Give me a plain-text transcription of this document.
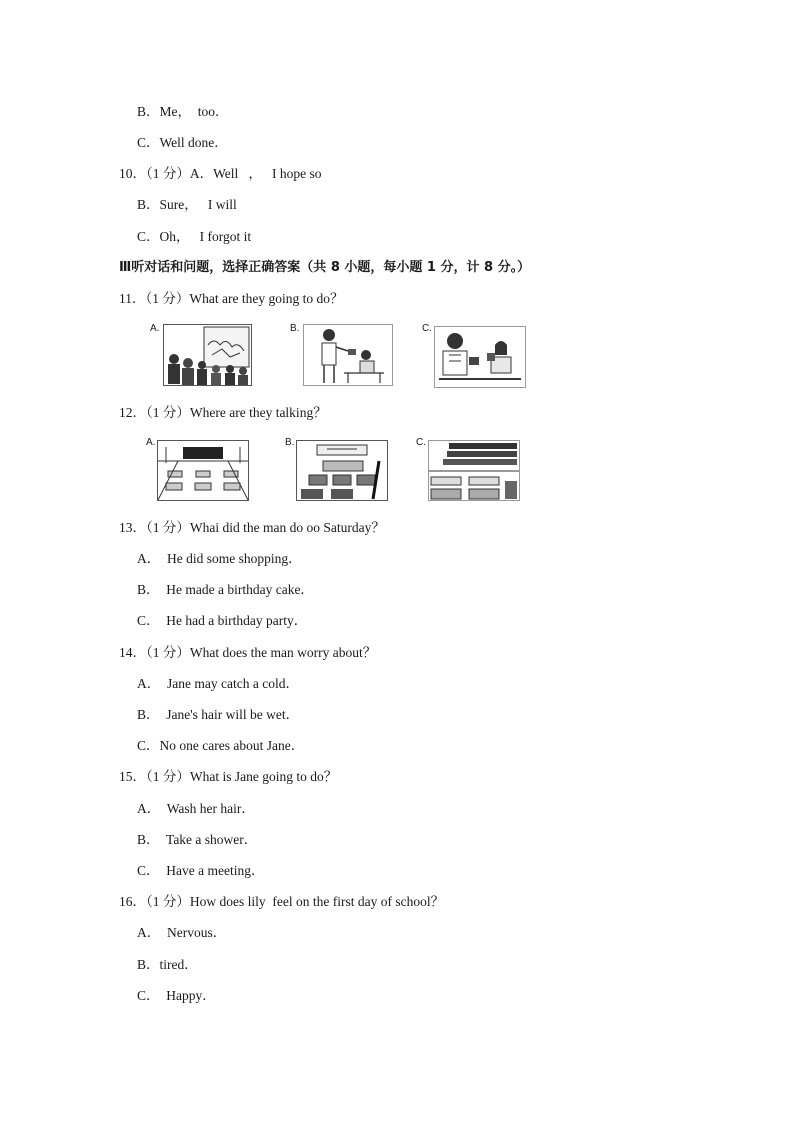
B．Me，  too．
C．Well done．
10．（1 分）A．Well   ，   I hope so
B．Sure，   I will
C．Oh，   I forgot it
Ⅲ听对话和问题，选择正确答案（共 8 小题，每小题 1 分，计 8 分。）
11．（1 分）What are they going to do？
A.	B.	C.
12．（1 分）Where are they talking？
A.	B.	C.
13．（1 分）Whai did the man do oo Saturday？
A．  He did some shopping．
B．  He made a birthday cake．
C．  He had a birthday party．
14．（1 分）What does the man worry about？
A．  Jane may catch a cold．
B．  Jane's hair will be wet．
C．No one cares about Jane．
15．（1 分）What is Jane going to do？
A．  Wash her hair．
B．  Take a shower．
C．  Have a meeting．
16．（1 分）How does lily  feel on the first day of school？
A．  Nervous．
B．tired．
C．  Happy．
